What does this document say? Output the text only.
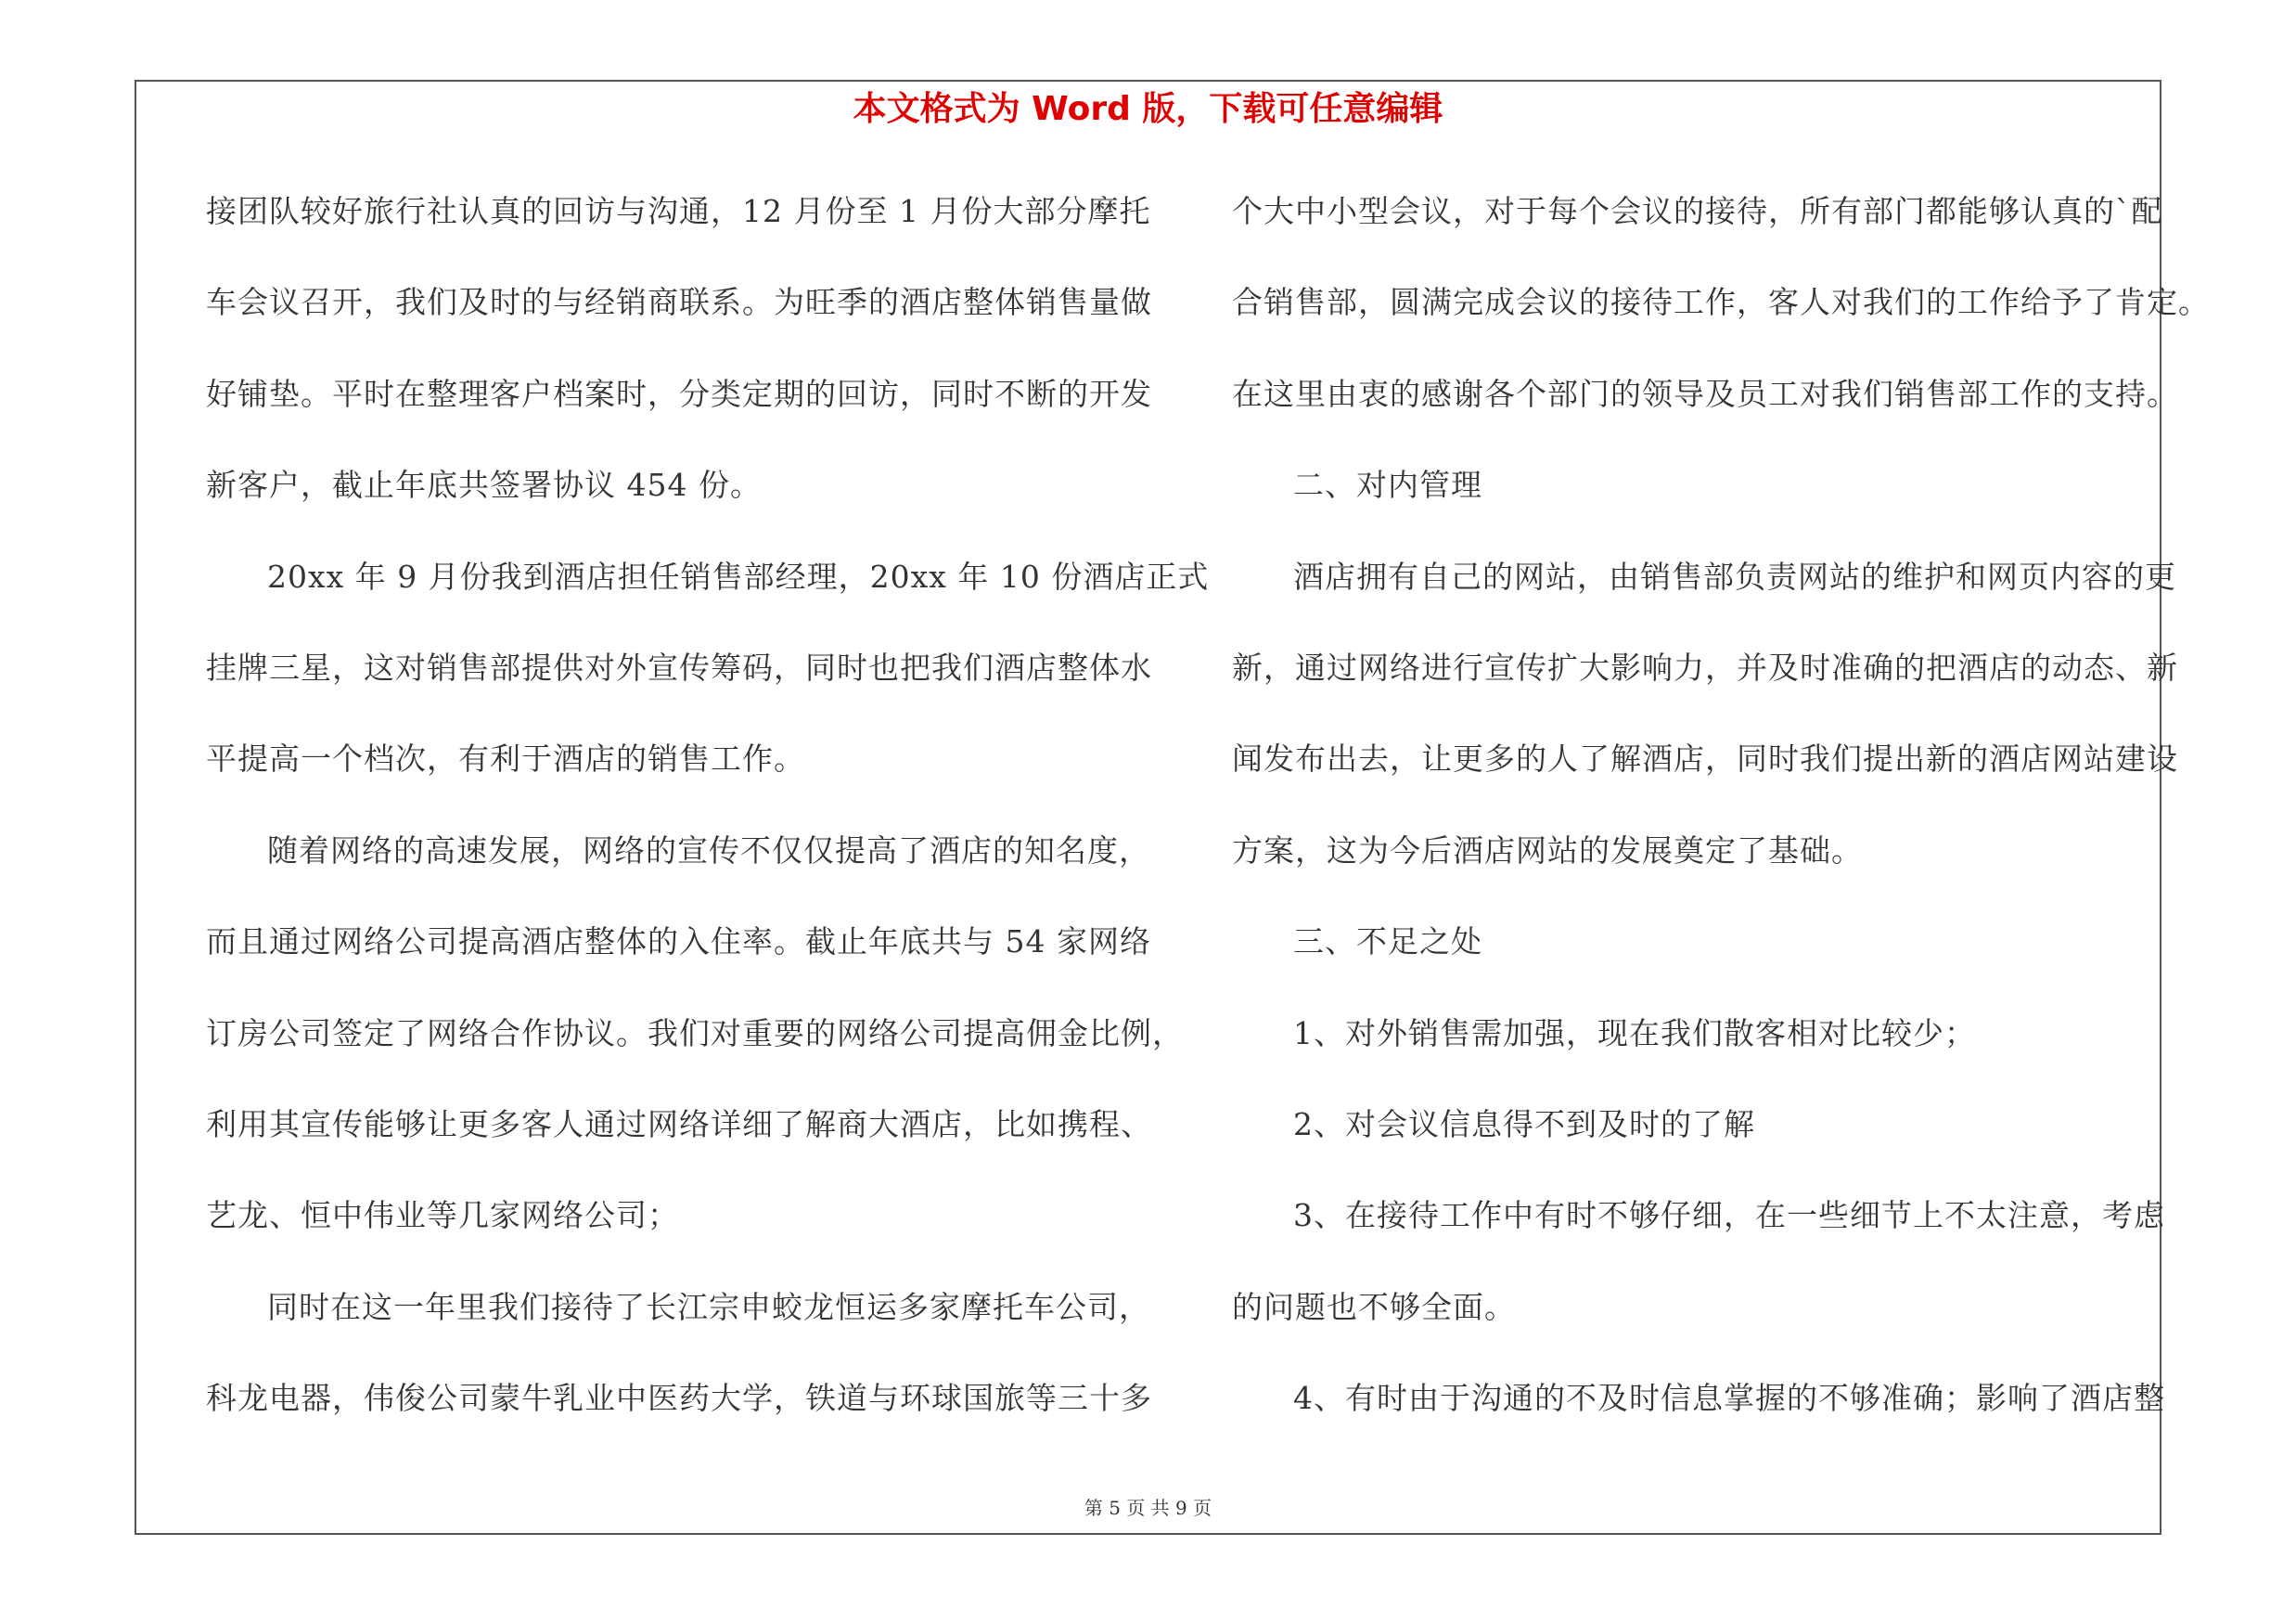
本文格式为 Word 版，下载可任意编辑
接团队较好旅行社认真的回访与沟通，12 月份至 1 月份大部分摩托
车会议召开，我们及时的与经销商联系。为旺季的酒店整体销售量做
好铺垫。平时在整理客户档案时，分类定期的回访，同时不断的开发
新客户，截止年底共签署协议 454 份。
20xx 年 9 月份我到酒店担任销售部经理，20xx 年 10 份酒店正式
挂牌三星，这对销售部提供对外宣传筹码，同时也把我们酒店整体水
平提高一个档次，有利于酒店的销售工作。
随着网络的高速发展，网络的宣传不仅仅提高了酒店的知名度，
而且通过网络公司提高酒店整体的入住率。截止年底共与 54 家网络
订房公司签定了网络合作协议。我们对重要的网络公司提高佣金比例，
利用其宣传能够让更多客人通过网络详细了解商大酒店，比如携程、
艺龙、恒中伟业等几家网络公司；
同时在这一年里我们接待了长江宗申蛟龙恒运多家摩托车公司，
科龙电器，伟俊公司蒙牛乳业中医药大学，铁道与环球国旅等三十多
个大中小型会议，对于每个会议的接待，所有部门都能够认真的`配
合销售部，圆满完成会议的接待工作，客人对我们的工作给予了肯定。
在这里由衷的感谢各个部门的领导及员工对我们销售部工作的支持。
二、对内管理
酒店拥有自己的网站，由销售部负责网站的维护和网页内容的更
新，通过网络进行宣传扩大影响力，并及时准确的把酒店的动态、新
闻发布出去，让更多的人了解酒店，同时我们提出新的酒店网站建设
方案，这为今后酒店网站的发展奠定了基础。
三、不足之处
1、对外销售需加强，现在我们散客相对比较少；
2、对会议信息得不到及时的了解
3、在接待工作中有时不够仔细，在一些细节上不太注意，考虑
的问题也不够全面。
4、有时由于沟通的不及时信息掌握的不够准确；影响了酒店整
第 5 页 共 9 页
